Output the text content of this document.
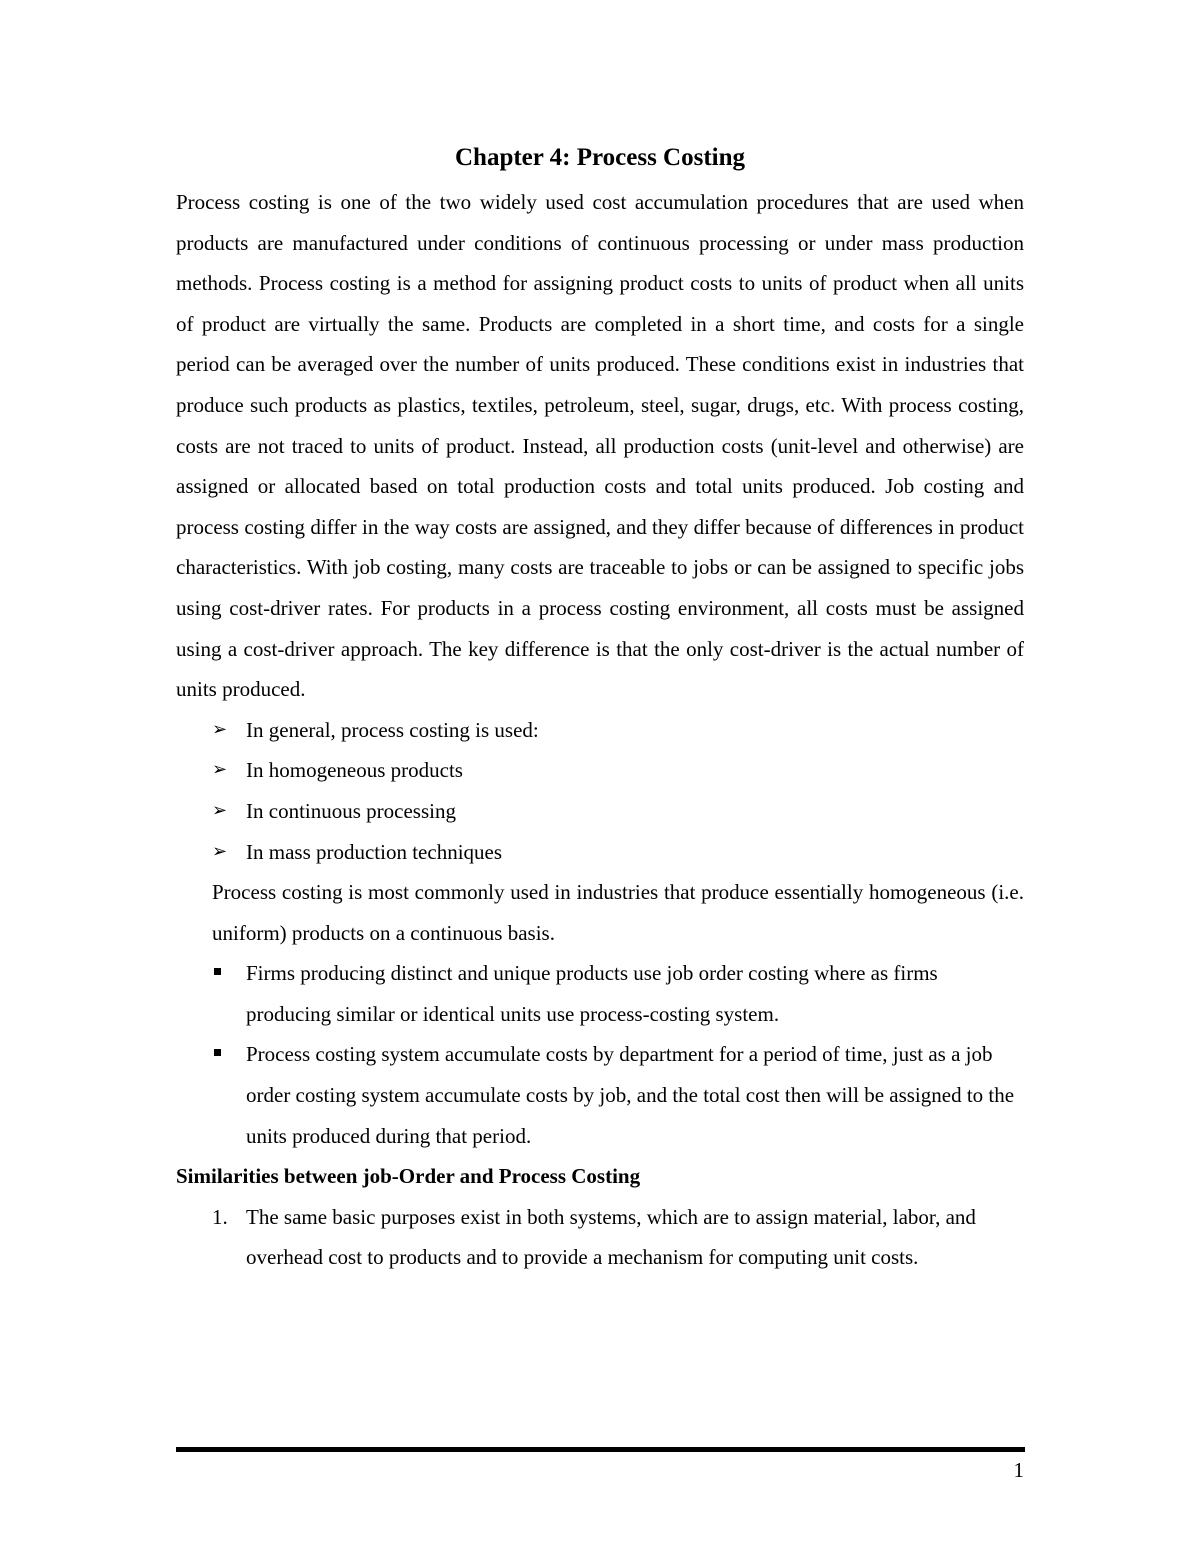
Chapter 4: Process Costing

Process costing is one of the two widely used cost accumulation procedures that are used when products are manufactured under conditions of continuous processing or under mass production methods. Process costing is a method for assigning product costs to units of product when all units of product are virtually the same. Products are completed in a short time, and costs for a single period can be averaged over the number of units produced. These conditions exist in industries that produce such products as plastics, textiles, petroleum, steel, sugar, drugs, etc. With process costing, costs are not traced to units of product. Instead, all production costs (unit-level and otherwise) are assigned or allocated based on total production costs and total units produced. Job costing and process costing differ in the way costs are assigned, and they differ because of differences in product characteristics. With job costing, many costs are traceable to jobs or can be assigned to specific jobs using cost-driver rates. For products in a process costing environment, all costs must be assigned using a cost-driver approach. The key difference is that the only cost-driver is the actual number of units produced.

➢ In general, process costing is used:
➢ In homogeneous products
➢ In continuous processing
➢ In mass production techniques

Process costing is most commonly used in industries that produce essentially homogeneous (i.e. uniform) products on a continuous basis.

Firms producing distinct and unique products use job order costing where as firms producing similar or identical units use process-costing system.
Process costing system accumulate costs by department for a period of time, just as a job order costing system accumulate costs by job, and the total cost then will be assigned to the units produced during that period.
Similarities between job-Order and Process Costing
1. The same basic purposes exist in both systems, which are to assign material, labor, and overhead cost to products and to provide a mechanism for computing unit costs.
1
